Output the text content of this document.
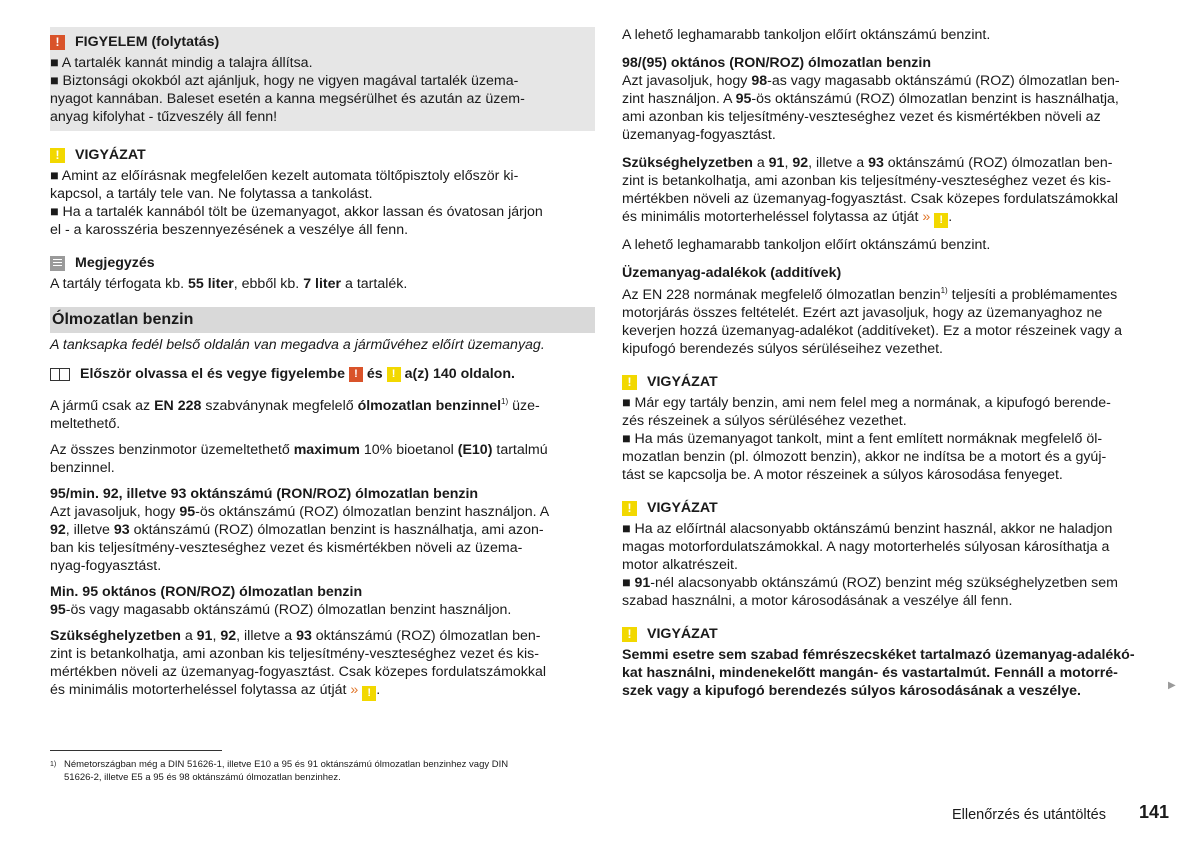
!	FIGYELEM (folytatás)
■ A tartalék kannát mindig a talajra állítsa.
■ Biztonsági okokból azt ajánljuk, hogy ne vigyen magával tartalék üzema-
nyagot kannában. Baleset esetén a kanna megsérülhet és azután az üzem-
anyag kifolyhat - tűzveszély áll fenn!
!	VIGYÁZAT
■ Amint az előírásnak megfelelően kezelt automata töltőpisztoly először ki-
kapcsol, a tartály tele van. Ne folytassa a tankolást.
■ Ha a tartalék kannából tölt be üzemanyagot, akkor lassan és óvatosan járjon
el - a karosszéria beszennyezésének a veszélye áll fenn.
Megjegyzés
A tartály térfogata kb. 55 liter, ebből kb. 7 liter a tartalék.
Ólmozatlan benzin
A tanksapka fedél belső oldalán van megadva a járművéhez előírt üzemanyag.
Először olvassa el és vegye figyelembe
!
és
!
a(z) 140 oldalon.
A jármű csak az EN 228 szabványnak megfelelő ólmozatlan benzinnel$^{1)}$ üze-
meltethető.
Az összes benzinmotor üzemeltethető maximum 10% bioetanol (E10) tartalmú
benzinnel.
95/min. 92, illetve 93 oktánszámú (RON/ROZ) ólmozatlan benzin
Azt javasoljuk, hogy 95-ös oktánszámú (ROZ) ólmozatlan benzint használjon. A
92, illetve 93 oktánszámú (ROZ) ólmozatlan benzint is használhatja, ami azon-
ban kis teljesítmény-veszteséghez vezet és kismértékben növeli az üzema-
nyag-fogyasztást.
Min. 95 oktános (RON/ROZ) ólmozatlan benzin
95-ös vagy magasabb oktánszámú (ROZ) ólmozatlan benzint használjon.
Szükséghelyzetben a 91, 92, illetve a 93 oktánszámú (ROZ) ólmozatlan ben-
zint is betankolhatja, ami azonban kis teljesítmény-veszteséghez vezet és kis-
mértékben növeli az üzemanyag-fogyasztást. Csak közepes fordulatszámokkal
és minimális motorterheléssel folytassa az útját » ! .
A lehető leghamarabb tankoljon előírt oktánszámú benzint.
98/(95) oktános (RON/ROZ) ólmozatlan benzin
Azt javasoljuk, hogy 98-as vagy magasabb oktánszámú (ROZ) ólmozatlan ben-
zint használjon. A 95-ös oktánszámú (ROZ) ólmozatlan benzint is használhatja,
ami azonban kis teljesítmény-veszteséghez vezet és kismértékben növeli az
üzemanyag-fogyasztást.
Szükséghelyzetben a 91, 92, illetve a 93 oktánszámú (ROZ) ólmozatlan ben-
zint is betankolhatja, ami azonban kis teljesítmény-veszteséghez vezet és kis-
mértékben növeli az üzemanyag-fogyasztást. Csak közepes fordulatszámokkal
és minimális motorterheléssel folytassa az útját » ! .
A lehető leghamarabb tankoljon előírt oktánszámú benzint.
Üzemanyag-adalékok (additívek)
Az EN 228 normának megfelelő ólmozatlan benzin$^{1)}$ teljesíti a problémamentes
motorjárás összes feltételét. Ezért azt javasoljuk, hogy az üzemanyaghoz ne
keverjen hozzá üzemanyag-adalékot (additíveket). Ez a motor részeinek vagy a
kipufogó berendezés súlyos sérüléseihez vezethet.
!	VIGYÁZAT
■ Már egy tartály benzin, ami nem felel meg a normának, a kipufogó berende-
zés részeinek a súlyos sérüléséhez vezethet.
■ Ha más üzemanyagot tankolt, mint a fent említett normáknak megfelelő öl-
mozatlan benzin (pl. ólmozott benzin), akkor ne indítsa be a motort és a gyúj-
tást se kapcsolja be. A motor részeinek a súlyos károsodása fenyeget.
!	VIGYÁZAT
■ Ha az előírtnál alacsonyabb oktánszámú benzint használ, akkor ne haladjon
magas motorfordulatszámokkal. A nagy motorterhelés súlyosan károsíthatja a
motor alkatrészeit.
■ 91-nél alacsonyabb oktánszámú (ROZ) benzint még szükséghelyzetben sem
szabad használni, a motor károsodásának a veszélye áll fenn.
!	VIGYÁZAT
Semmi esetre sem szabad fémrészecskéket tartalmazó üzemanyag-adalékó-
kat használni, mindenekelőtt mangán- és vastartalmút. Fennáll a motorré-
szek vagy a kipufogó berendezés súlyos károsodásának a veszélye.	▶
1) Németországban még a DIN 51626-1, illetve E10 a 95 és 91 oktánszámú ólmozatlan benzinhez vagy DIN
51626-2, illetve E5 a 95 és 98 oktánszámú ólmozatlan benzinhez.
Ellenőrzés és utántöltés 141
